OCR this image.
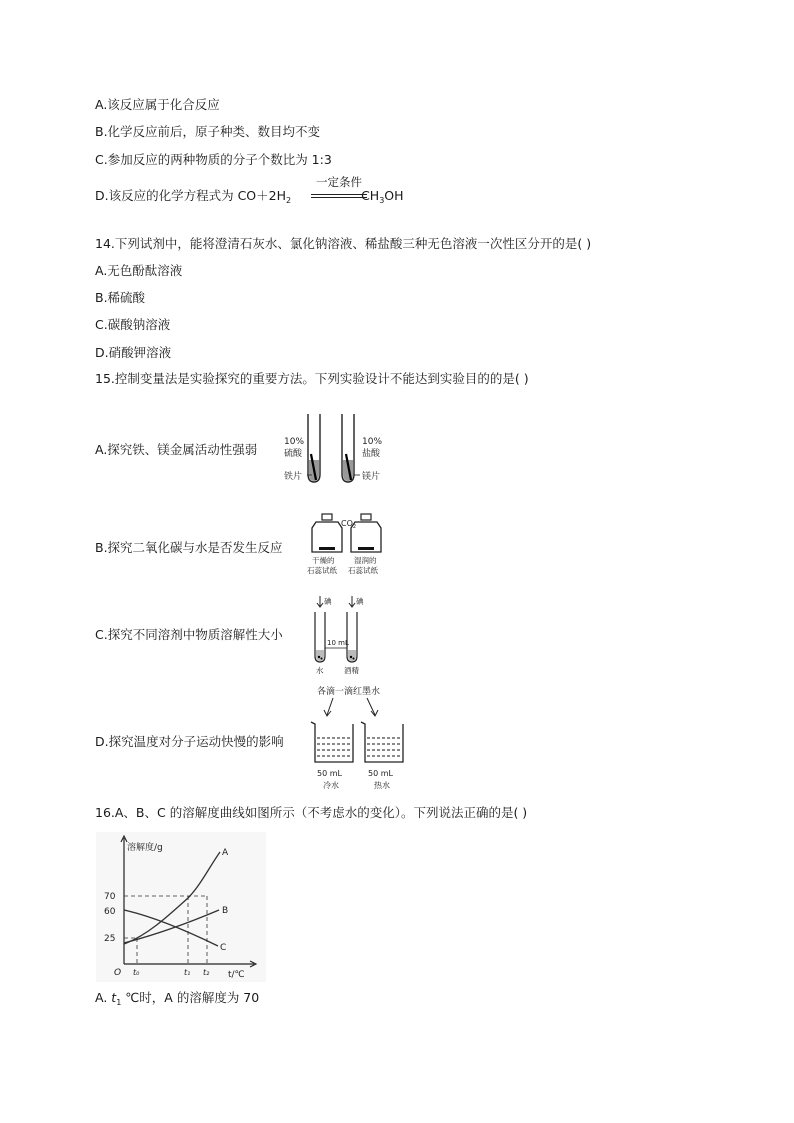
A.该反应属于化合反应
B.化学反应前后，原子种类、数目均不变
C.参加反应的两种物质的分子个数比为 1:3
D.该反应的化学方程式为 $CO+2H_2$	$CH_3OH$
一定条件
14.下列试剂中，能将澄清石灰水、氯化钠溶液、稀盐酸三种无色溶液一次性区分开的是( )
A.无色酚酞溶液
B.稀硫酸
C.碳酸钠溶液
D.硝酸钾溶液
15.控制变量法是实验探究的重要方法。下列实验设计不能达到实验目的的是( )
A.探究铁、镁金属活动性强弱
B.探究二氧化碳与水是否发生反应
C.探究不同溶剂中物质溶解性大小
D.探究温度对分子运动快慢的影响
10%
硫酸
10%
盐酸
铁片	镁片
$CO_2$
干燥的
石蕊试纸
湿润的
石蕊试纸
碘	碘
10 mL
水	酒精
各滴一滴红墨水
50 mL
冷水
50 mL
热水
16.A、B、C 的溶解度曲线如图所示（不考虑水的变化）。下列说法正确的是( )
溶解度/g
t/℃
O
A
B
C
70
60
25
t₀	t₁ t₂
A. $t_1$ ℃时，A 的溶解度为 70
